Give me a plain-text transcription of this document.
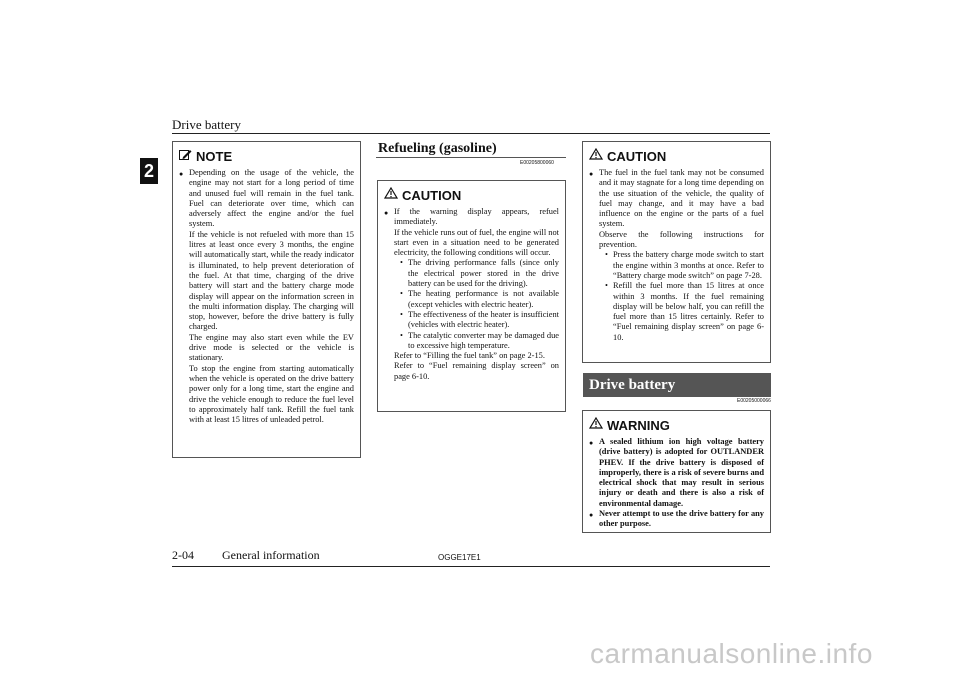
Drive battery
2
NOTE
● Depending on the usage of the vehicle, the engine may not start for a long period of time and unused fuel will remain in the fuel tank. Fuel can deteriorate over time, which can adversely affect the engine and/or the fuel system.

If the vehicle is not refueled with more than 15 litres at least once every 3 months, the engine will automatically start, while the ready indicator is illuminated, to help prevent deterioration of the fuel. At that time, charging of the drive battery will start and the battery charge mode display will appear on the information screen in the multi information display. The charging will stop, however, before the drive battery is fully charged.

The engine may also start even while the EV drive mode is selected or the vehicle is stationary.

To stop the engine from starting automatically when the vehicle is operated on the drive battery power only for a long time, start the engine and drive the vehicle enough to reduce the fuel level to approximately half tank. Refill the fuel tank with at least 15 litres of unleaded petrol.

Refueling (gasoline)
E00205800060
CAUTION
● If the warning display appears, refuel immediately.

If the vehicle runs out of fuel, the engine will not start even in a situation need to be generated electricity, the following conditions will occur.

• The driving performance falls (since only the electrical power stored in the drive battery can be used for the driving).
• The heating performance is not available (except vehicles with electric heater).
• The effectiveness of the heater is insufficient (vehicles with electric heater).
• The catalytic converter may be damaged due to excessive high temperature.

Refer to “Filling the fuel tank” on page 2-15.

Refer to “Fuel remaining display screen” on page 6-10.

CAUTION
● The fuel in the fuel tank may not be consumed and it may stagnate for a long time depending on the use situation of the vehicle, the quality of fuel may change, and it may have a bad influence on the engine or the parts of a fuel system.

Observe the following instructions for prevention.

• Press the battery charge mode switch to start the engine within 3 months at once. Refer to “Battery charge mode switch” on page 7-28.
• Refill the fuel more than 15 litres at once within 3 months. If the fuel remaining display will be below half, you can refill the fuel more than 15 litres certainly. Refer to “Fuel remaining display screen” on page 6-10.
Drive battery
E00205000066
WARNING
● A sealed lithium ion high voltage battery (drive battery) is adopted for OUTLANDER PHEV. If the drive battery is disposed of improperly, there is a risk of severe burns and electrical shock that may result in serious injury or death and there is also a risk of environmental damage.

● Never attempt to use the drive battery for any other purpose.

2-04 General information	OGGE17E1
carmanualsonline.info
